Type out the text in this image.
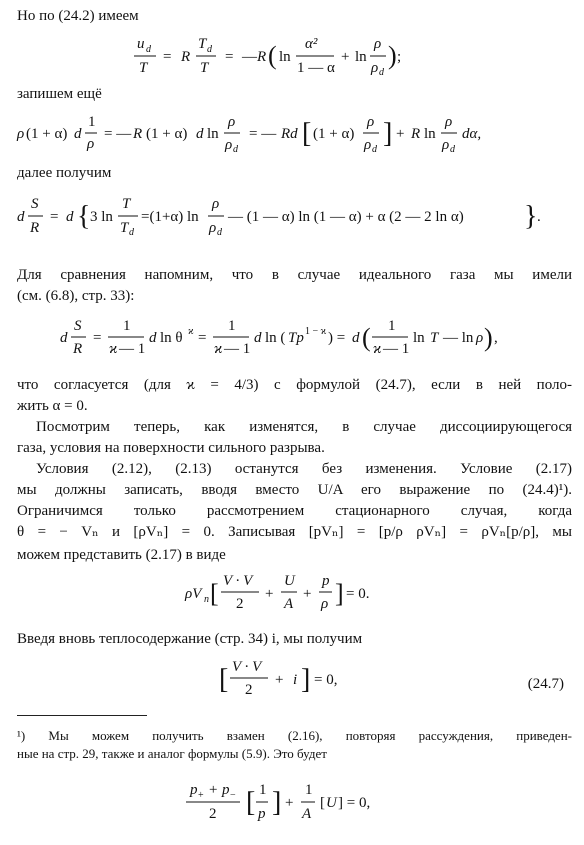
Но по (24.2) имеем
u d
T
= R
T d
T
= — R ( ln
α²
1 — α
+ ln
ρ
ρ d
) ;
запишем ещё
ρ (1 + α) d
1
ρ
= — R (1 + α) d ln
ρ
ρ d
= — Rd [ (1 + α)
ρ
ρ d
] + R ln
ρ
ρ d
dα,
далее получим
d
S
R
= d { 3 ln
T
T d
=(1+α) ln
ρ
ρ d
— (1 — α) ln (1 — α) + α (2 — 2 ln α) } .
Для сравнения напомним, что в случае идеального газа мы имели
(см. (6.8), стр. 33):
d
S
R
=
1
ϰ — 1
d ln θ ϰ =
1
ϰ — 1
d ln ( Tp 1 − ϰ ) = d ( 1
ϰ — 1
ln T — ln ρ ) ,
что согласуется (для ϰ = 4/3) с формулой (24.7), если в ней поло-
жить α = 0.
Посмотрим теперь, как изменятся, в случае диссоциирующегося
газа, условия на поверхности сильного разрыва.
Условия (2.12), (2.13) останутся без изменения. Условие (2.17)
мы должны записать, вводя вместо U/A его выражение по (24.4)¹).
Ограничимся только рассмотрением стационарного случая, когда
θ = − Vₙ и [ρVₙ] = 0. Записывая [pVₙ] = [p/ρ ρVₙ] = ρVₙ[p/ρ], мы
можем представить (2.17) в виде
ρV n [ V · V
2
+
U
A
+
p
ρ ] = 0.
Введя вновь теплосодержание (стр. 34) i, мы получим
[ V · V
2
+ i ] = 0,	(24.7)
¹) Мы можем получить взамен (2.16), повторяя рассуждения, приведен-
ные на стр. 29, также и аналог формулы (5.9). Это будет
p + + p −
2 [ 1
p ] +
1
A
[ U ] = 0,
